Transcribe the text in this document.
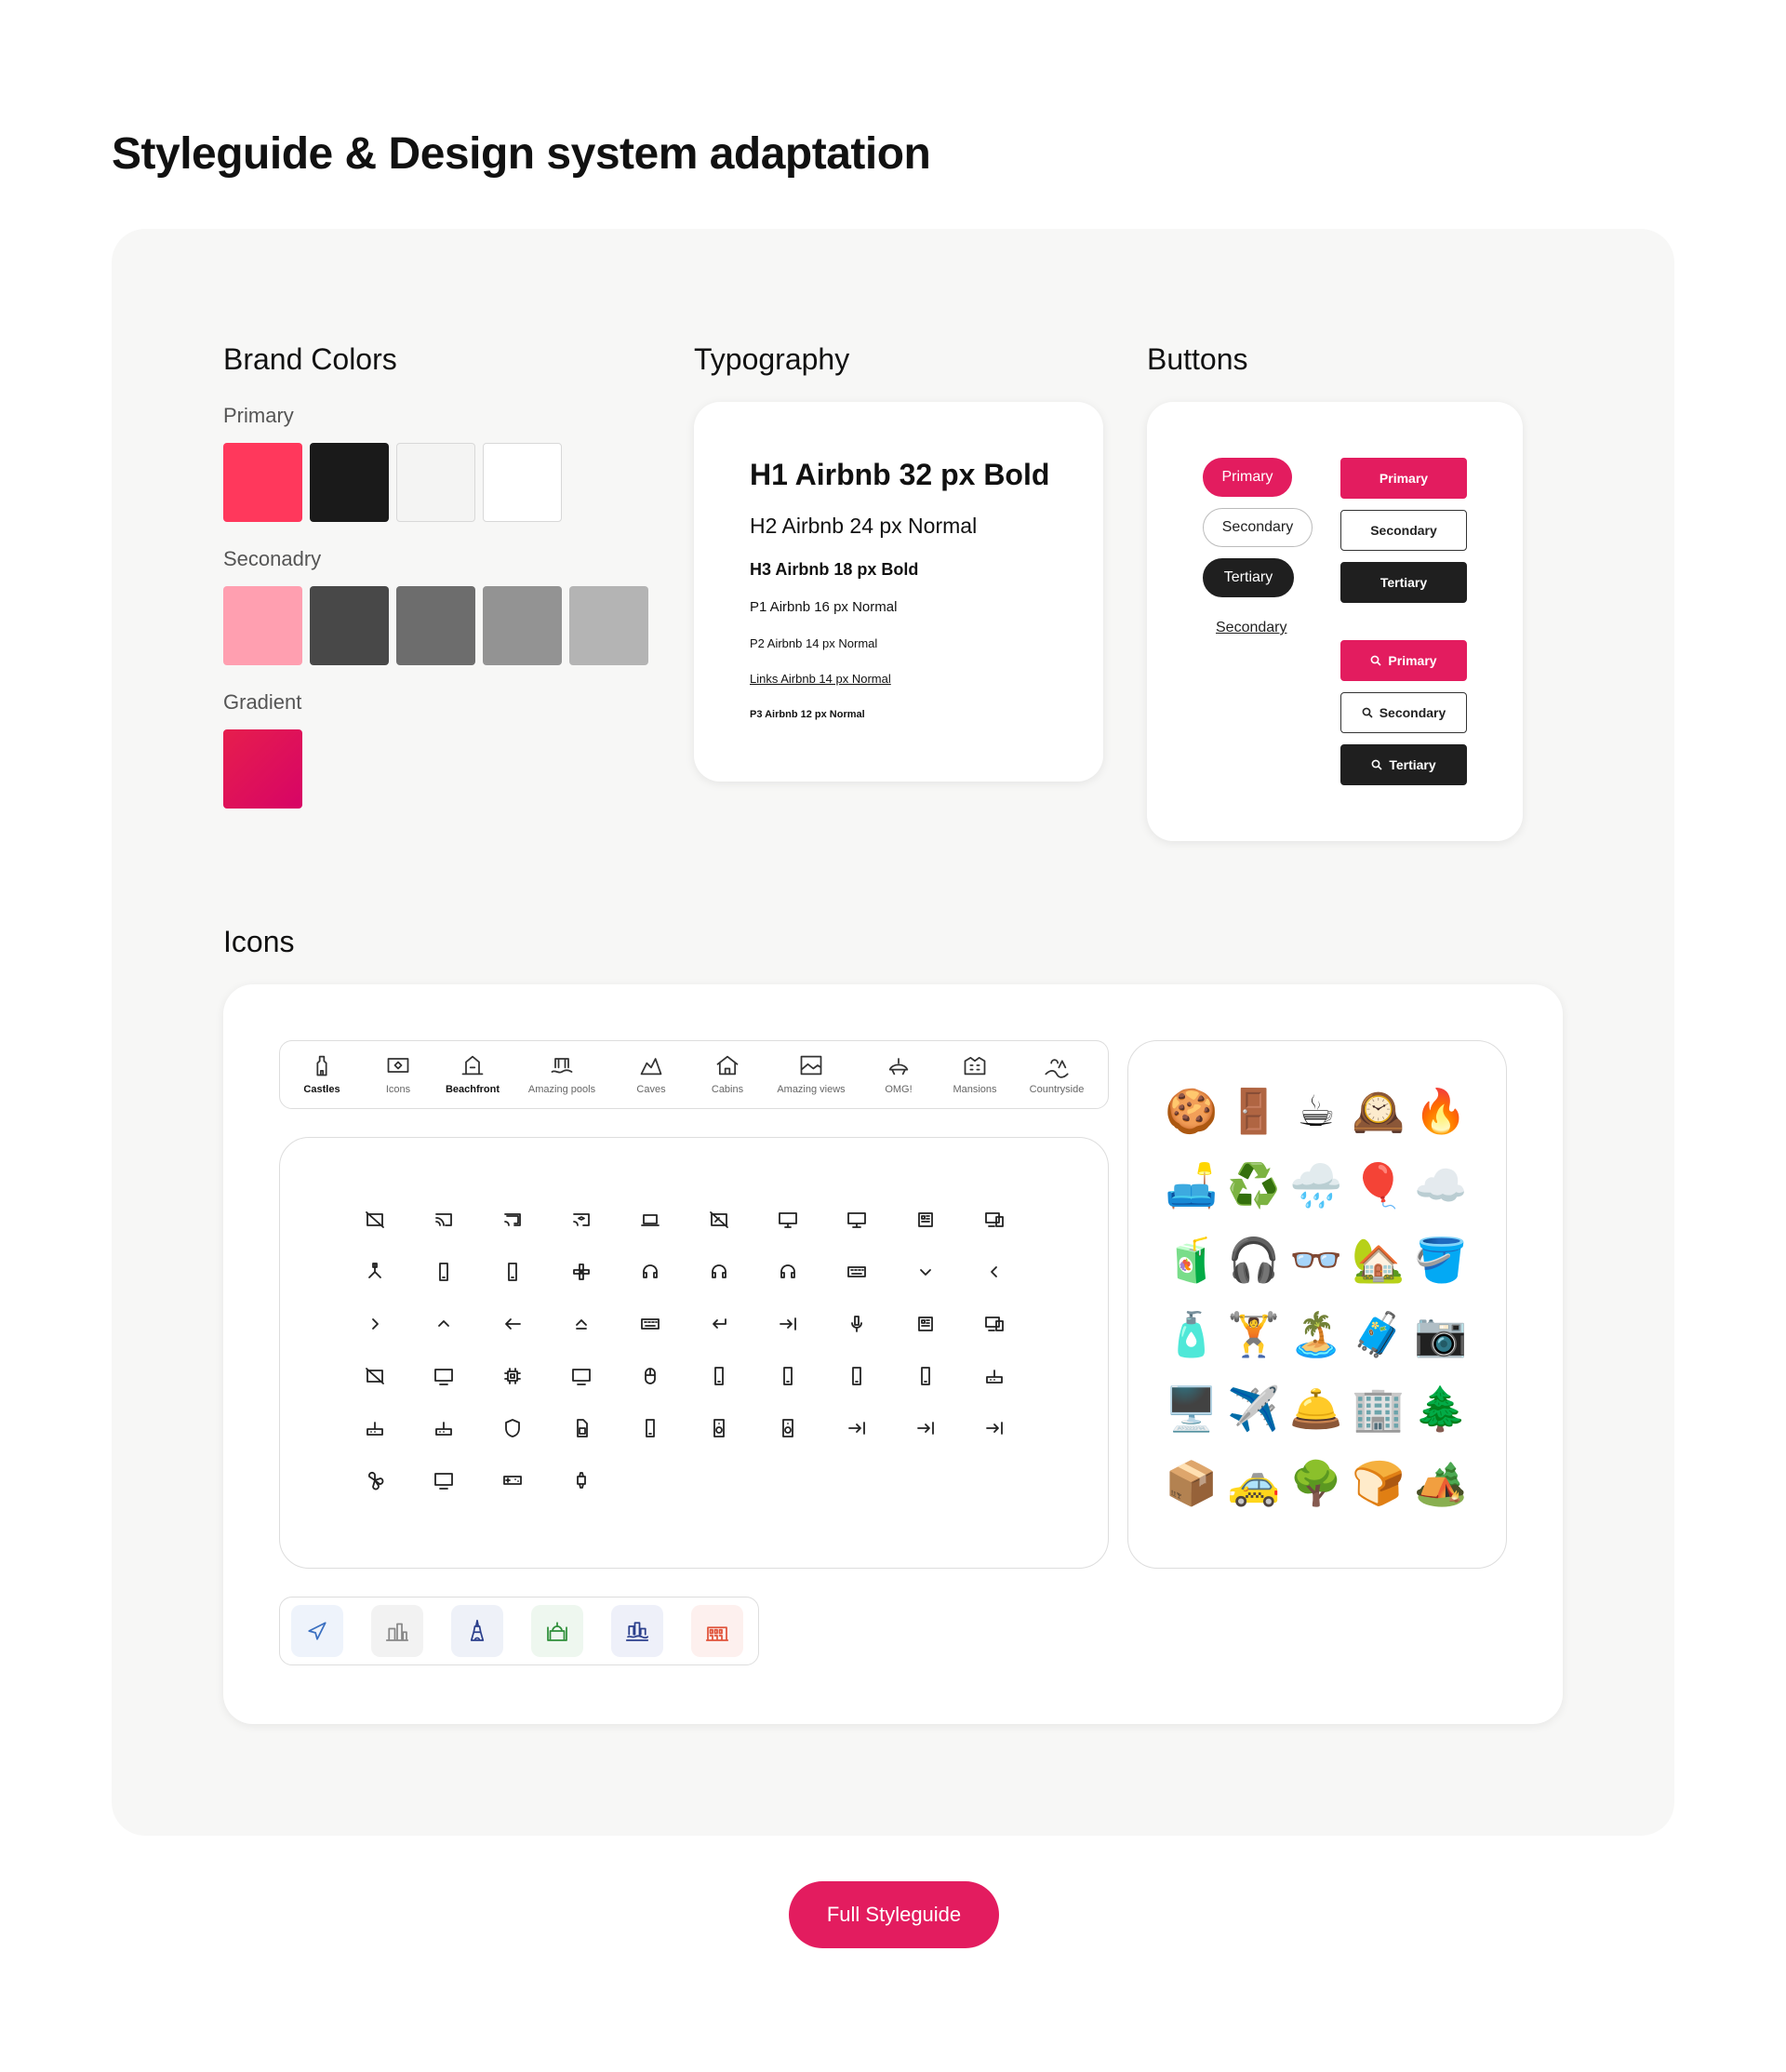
Styleguide & Design system adaptation
Brand Colors
Primary
Seconadry
Gradient
Typography
H1 Airbnb 32 px Bold
H2 Airbnb 24 px Normal
H3 Airbnb 18 px Bold
P1 Airbnb 16 px Normal
P2 Airbnb 14 px Normal
Links Airbnb 14 px Normal
P3 Airbnb 12 px Normal
Buttons
Primary
Secondary
Tertiary
Secondary
Primary
Secondary
Tertiary
Primary
Secondary
Tertiary
Icons
Castles	Icons	Beachfront	Amazing pools	Caves	Cabins	Amazing views	OMG!	Mansions	Countryside	🍪 🚪 ☕ 🕰️ 🔥
🛋️ ♻️ 🌧️ 🎈 ☁️
🧃 🎧 👓 🏡 🪣
🧴 🏋️ 🏝️ 🧳 📷
🖥️ ✈️ 🛎️ 🏢 🌲
📦 🚕 🌳 🍞 🏕️
Full Styleguide
